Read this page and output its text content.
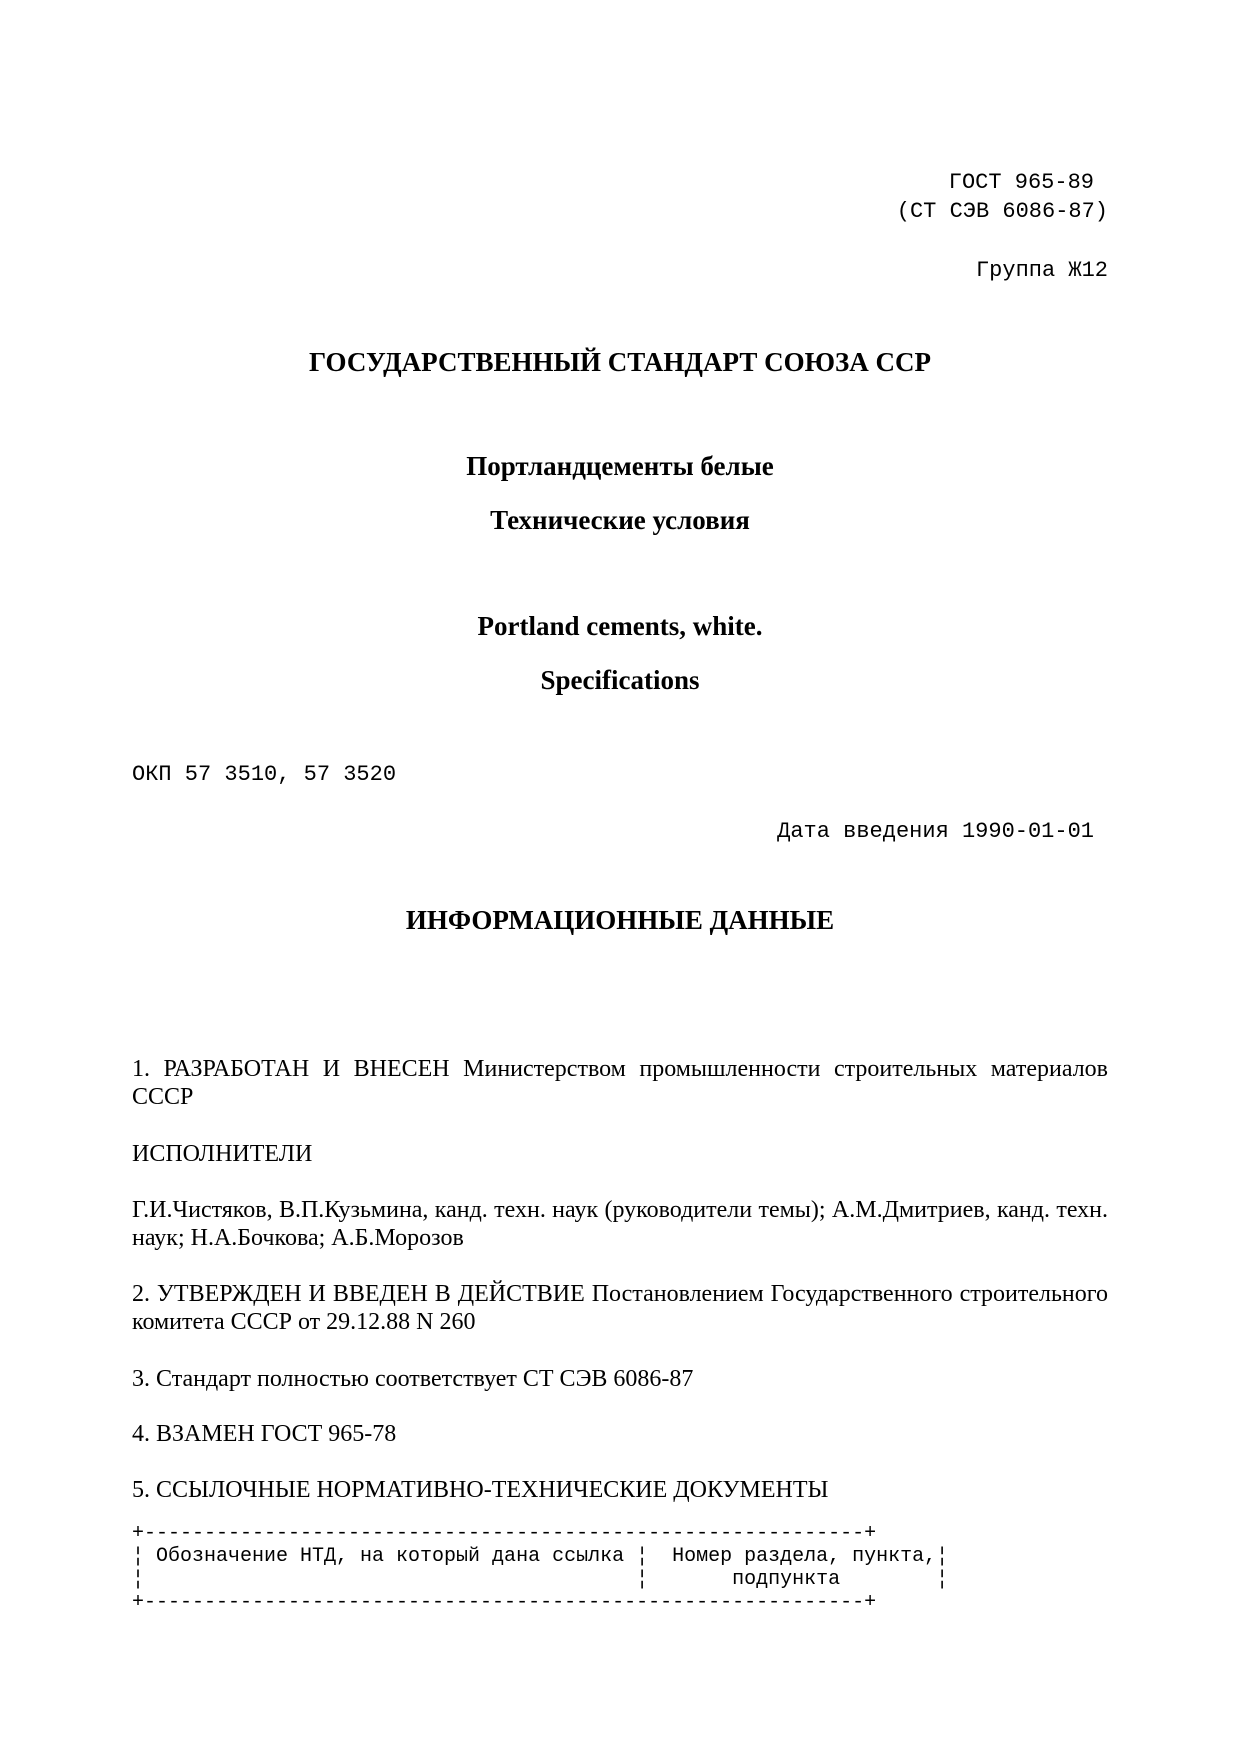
ГОСТ 965-89
(СТ СЭВ 6086-87)
Группа Ж12
ГОСУДАРСТВЕННЫЙ СТАНДАРТ СОЮЗА ССР
Портландцементы белые
Технические условия
Portland cements, white.
Specifications
ОКП 57 3510, 57 3520
Дата введения 1990-01-01
ИНФОРМАЦИОННЫЕ ДАННЫЕ
1. РАЗРАБОТАН И ВНЕСЕН Министерством промышленности строительных материалов СССР
ИСПОЛНИТЕЛИ
Г.И.Чистяков, В.П.Кузьмина, канд. техн. наук (руководители темы); А.М.Дмитриев, канд. техн. наук; Н.А.Бочкова; А.Б.Морозов
2. УТВЕРЖДЕН И ВВЕДЕН В ДЕЙСТВИЕ Постановлением Государственного строительного комитета СССР от 29.12.88 N 260
3. Стандарт полностью соответствует СТ СЭВ 6086-87
4. ВЗАМЕН ГОСТ 965-78
5. ССЫЛОЧНЫЕ НОРМАТИВНО-ТЕХНИЧЕСКИЕ ДОКУМЕНТЫ
+------------------------------------------------------------+
¦ Обозначение НТД, на который дана ссылка ¦  Номер раздела, пункта,¦
¦                                         ¦       подпункта        ¦
+------------------------------------------------------------+
